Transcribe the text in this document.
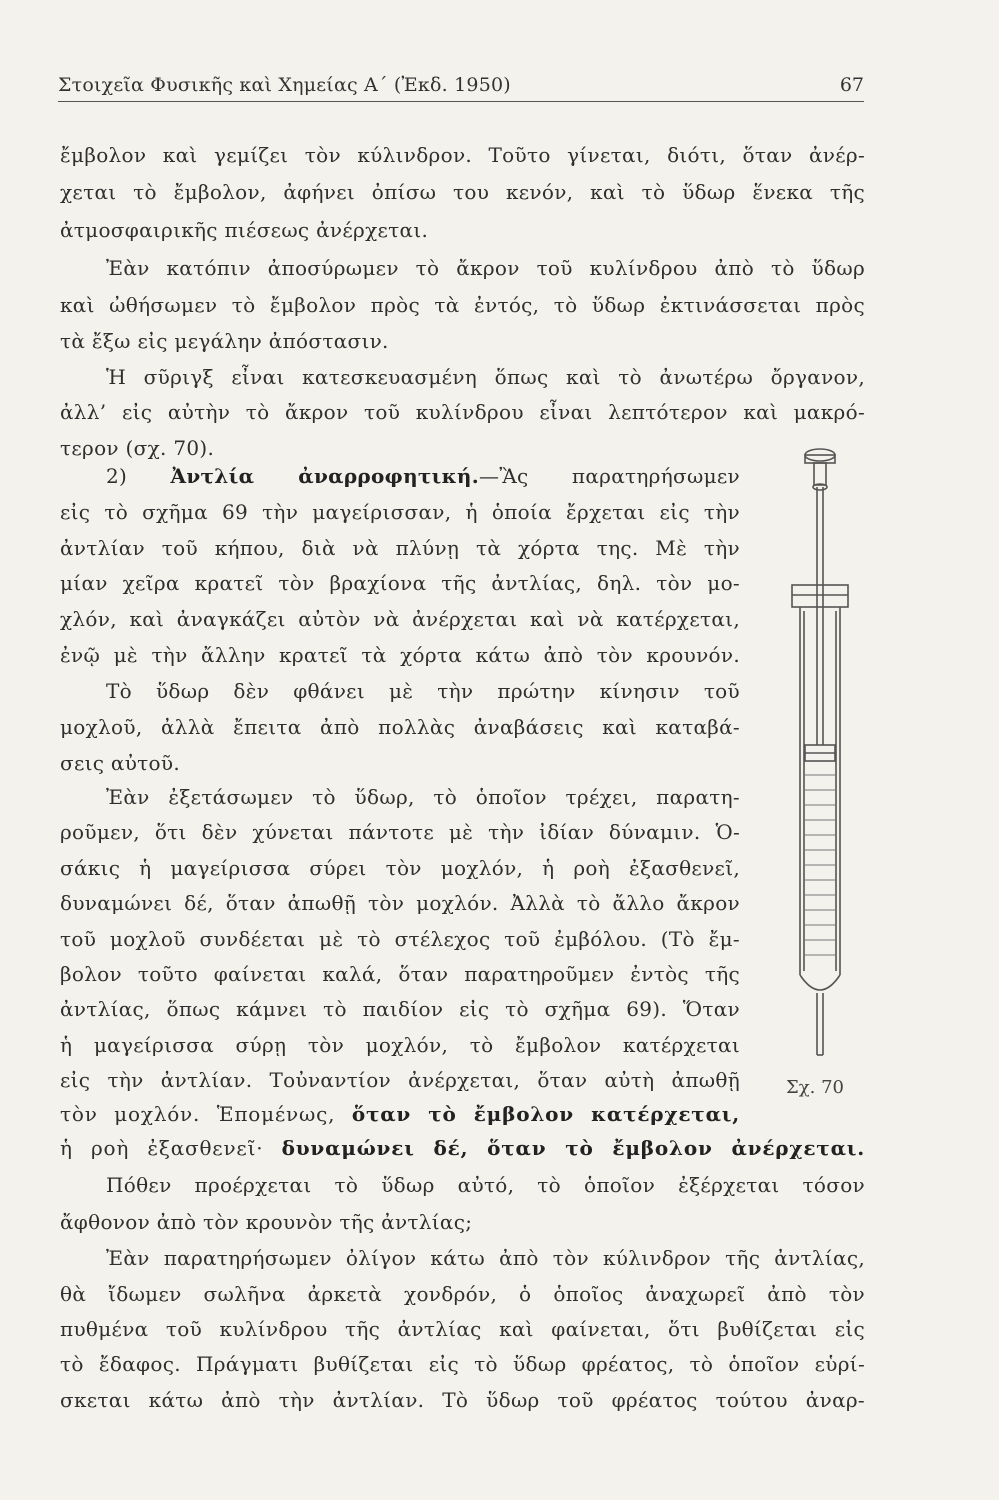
Στοιχεῖα Φυσικῆς καὶ Χημείας Α΄ (Ἐκδ. 1950)	67
ἔμβολον καὶ γεμίζει τὸν κύλινδρον. Τοῦτο γίνεται, διότι, ὅταν ἀνέρ-
χεται τὸ ἔμβολον, ἀφήνει ὀπίσω του κενόν, καὶ τὸ ὕδωρ ἕνεκα τῆς
ἀτμοσφαιρικῆς πιέσεως ἀνέρχεται.
Ἐὰν κατόπιν ἀποσύρωμεν τὸ ἄκρον τοῦ κυλίνδρου ἀπὸ τὸ ὕδωρ
καὶ ὠθήσωμεν τὸ ἔμβολον πρὸς τὰ ἐντός, τὸ ὕδωρ ἐκτινάσσεται πρὸς
τὰ ἔξω εἰς μεγάλην ἀπόστασιν.
Ἡ σῦριγξ εἶναι κατεσκευασμένη ὅπως καὶ τὸ ἀνωτέρω ὄργανον,
ἀλλ’ εἰς αὐτὴν τὸ ἄκρον τοῦ κυλίνδρου εἶναι λεπτότερον καὶ μακρό-
τερον (σχ. 70).
2) Ἀντλία ἀναρροφητική.—Ἂς παρατηρήσωμεν
εἰς τὸ σχῆμα 69 τὴν μαγείρισσαν, ἡ ὁποία ἔρχεται εἰς τὴν
ἀντλίαν τοῦ κήπου, διὰ νὰ πλύνῃ τὰ χόρτα της. Μὲ τὴν
μίαν χεῖρα κρατεῖ τὸν βραχίονα τῆς ἀντλίας, δηλ. τὸν μο-
χλόν, καὶ ἀναγκάζει αὐτὸν νὰ ἀνέρχεται καὶ νὰ κατέρχεται,
ἐνῷ μὲ τὴν ἄλλην κρατεῖ τὰ χόρτα κάτω ἀπὸ τὸν κρουνόν.
Τὸ ὕδωρ δὲν φθάνει μὲ τὴν πρώτην κίνησιν τοῦ
μοχλοῦ, ἀλλὰ ἔπειτα ἀπὸ πολλὰς ἀναβάσεις καὶ καταβά-
σεις αὐτοῦ.
Ἐὰν ἐξετάσωμεν τὸ ὕδωρ, τὸ ὁποῖον τρέχει, παρατη-
ροῦμεν, ὅτι δὲν χύνεται πάντοτε μὲ τὴν ἰδίαν δύναμιν. Ὁ-
σάκις ἡ μαγείρισσα σύρει τὸν μοχλόν, ἡ ροὴ ἐξασθενεῖ,
δυναμώνει δέ, ὅταν ἀπωθῇ τὸν μοχλόν. Ἀλλὰ τὸ ἄλλο ἄκρον
τοῦ μοχλοῦ συνδέεται μὲ τὸ στέλεχος τοῦ ἐμβόλου. (Τὸ ἔμ-
βολον τοῦτο φαίνεται καλά, ὅταν παρατηροῦμεν ἐντὸς τῆς
ἀντλίας, ὅπως κάμνει τὸ παιδίον εἰς τὸ σχῆμα 69). Ὅταν
ἡ μαγείρισσα σύρῃ τὸν μοχλόν, τὸ ἔμβολον κατέρχεται
εἰς τὴν ἀντλίαν. Τοὐναντίον ἀνέρχεται, ὅταν αὐτὴ ἀπωθῇ
τὸν μοχλόν. Ἑπομένως, ὅταν τὸ ἔμβολον κατέρχεται,
ἡ ροὴ ἐξασθενεῖ· δυναμώνει δέ, ὅταν τὸ ἔμβολον ἀνέρχεται.
Πόθεν προέρχεται τὸ ὕδωρ αὐτό, τὸ ὁποῖον ἐξέρχεται τόσον
ἄφθονον ἀπὸ τὸν κρουνὸν τῆς ἀντλίας;
Ἐὰν παρατηρήσωμεν ὀλίγον κάτω ἀπὸ τὸν κύλινδρον τῆς ἀντλίας,
θὰ ἴδωμεν σωλῆνα ἀρκετὰ χονδρόν, ὁ ὁποῖος ἀναχωρεῖ ἀπὸ τὸν
πυθμένα τοῦ κυλίνδρου τῆς ἀντλίας καὶ φαίνεται, ὅτι βυθίζεται εἰς
τὸ ἔδαφος. Πράγματι βυθίζεται εἰς τὸ ὕδωρ φρέατος, τὸ ὁποῖον εὑρί-
σκεται κάτω ἀπὸ τὴν ἀντλίαν. Τὸ ὕδωρ τοῦ φρέατος τούτου ἀναρ-
Σχ. 70
